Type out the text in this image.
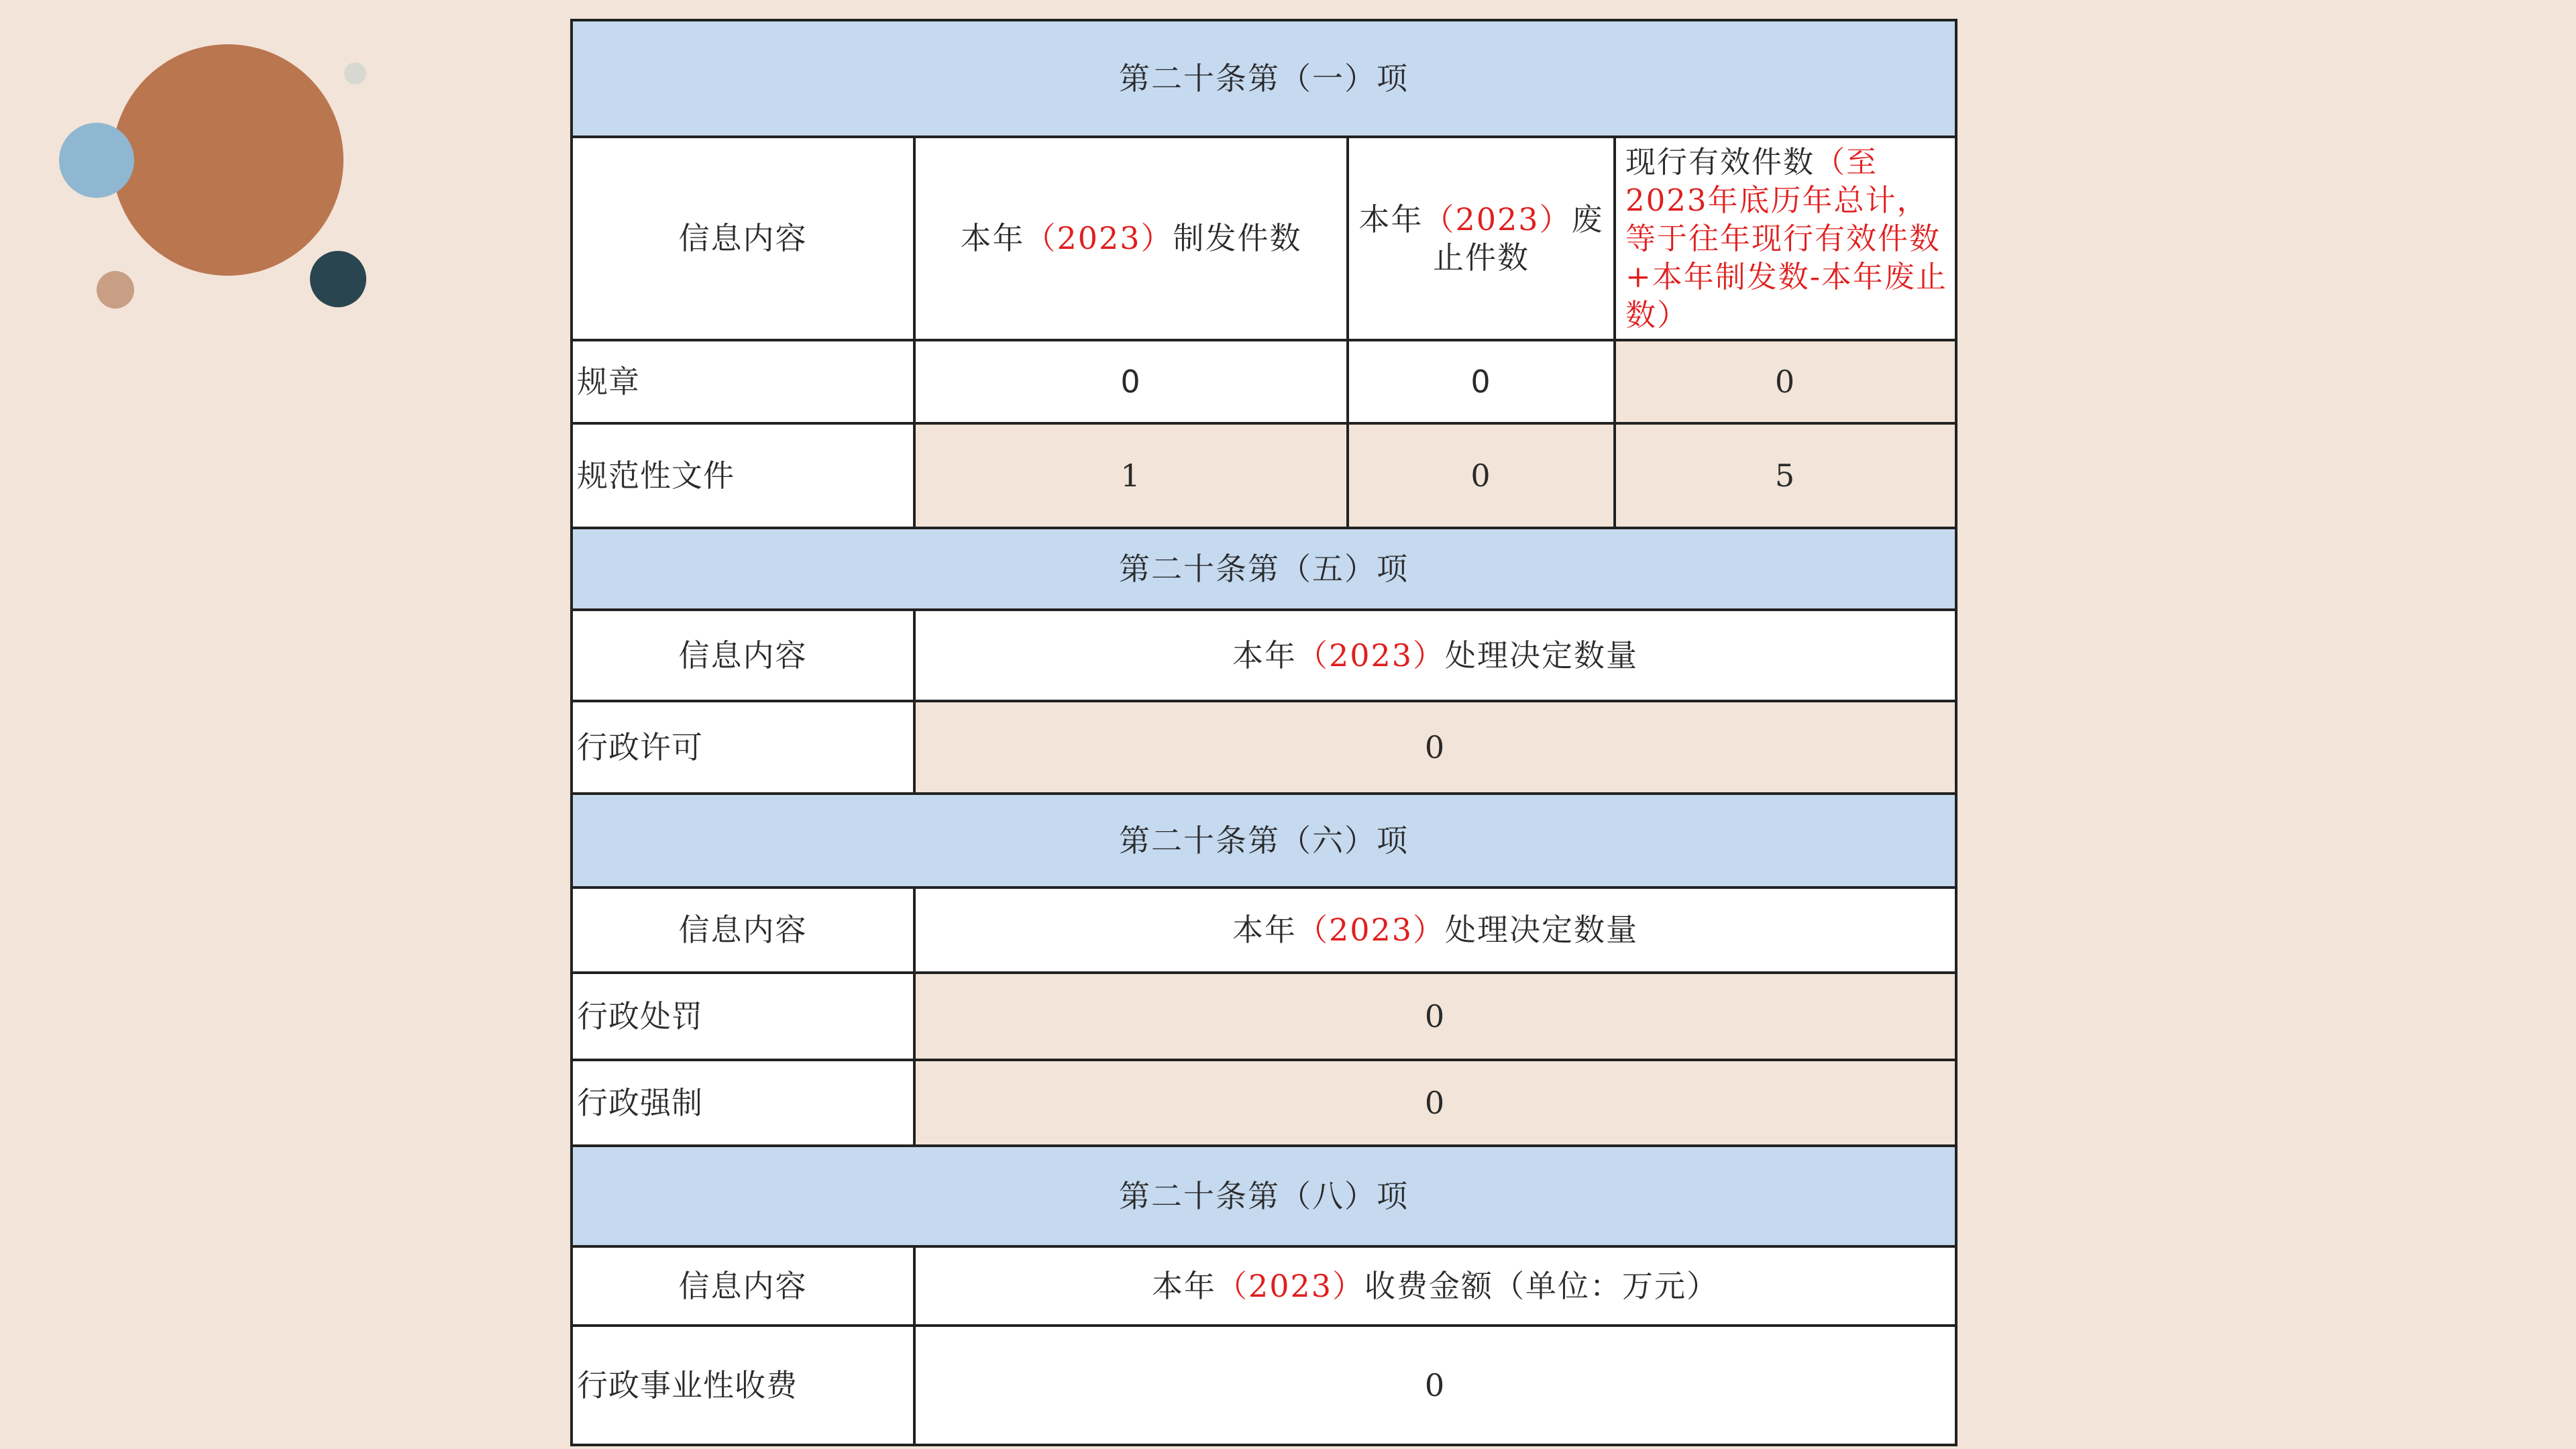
第二十条第（一）项			
信息内容	本年（2023）制发件数	本年（2023）废止件数	现行有效件数（至2023年底历年总计，等于往年现行有效件数+本年制发数-本年废止数）
规章	0	0	0
规范性文件	1	0	5
第二十条第（五）项			
信息内容	本年（2023）处理决定数量		
行政许可	0		
第二十条第（六）项			
信息内容	本年（2023）处理决定数量		
行政处罚	0		
行政强制	0		
第二十条第（八）项			
信息内容	本年（2023）收费金额（单位：万元）		
行政事业性收费	0		
